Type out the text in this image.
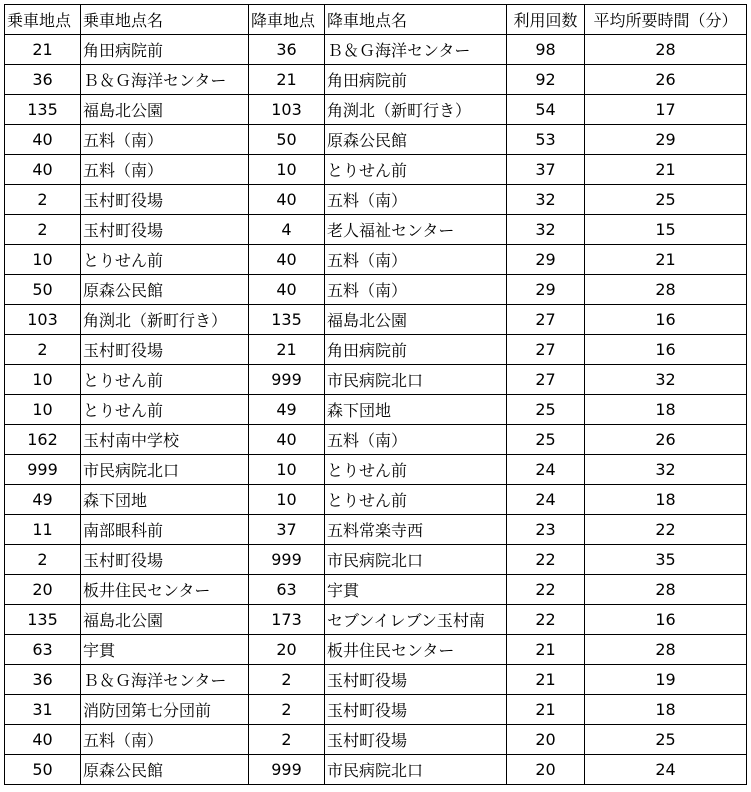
乗車地点	乗車地点名	降車地点	降車地点名	利用回数	平均所要時間（分）
21	角田病院前	36	Ｂ＆Ｇ海洋センター	98	28
36	Ｂ＆Ｇ海洋センター	21	角田病院前	92	26
135	福島北公園	103	角渕北（新町行き）	54	17
40	五料（南）	50	原森公民館	53	29
40	五料（南）	10	とりせん前	37	21
2	玉村町役場	40	五料（南）	32	25
2	玉村町役場	4	老人福祉センター	32	15
10	とりせん前	40	五料（南）	29	21
50	原森公民館	40	五料（南）	29	28
103	角渕北（新町行き）	135	福島北公園	27	16
2	玉村町役場	21	角田病院前	27	16
10	とりせん前	999	市民病院北口	27	32
10	とりせん前	49	森下団地	25	18
162	玉村南中学校	40	五料（南）	25	26
999	市民病院北口	10	とりせん前	24	32
49	森下団地	10	とりせん前	24	18
11	南部眼科前	37	五料常楽寺西	23	22
2	玉村町役場	999	市民病院北口	22	35
20	板井住民センター	63	宇貫	22	28
135	福島北公園	173	セブンイレブン玉村南	22	16
63	宇貫	20	板井住民センター	21	28
36	Ｂ＆Ｇ海洋センター	2	玉村町役場	21	19
31	消防団第七分団前	2	玉村町役場	21	18
40	五料（南）	2	玉村町役場	20	25
50	原森公民館	999	市民病院北口	20	24
